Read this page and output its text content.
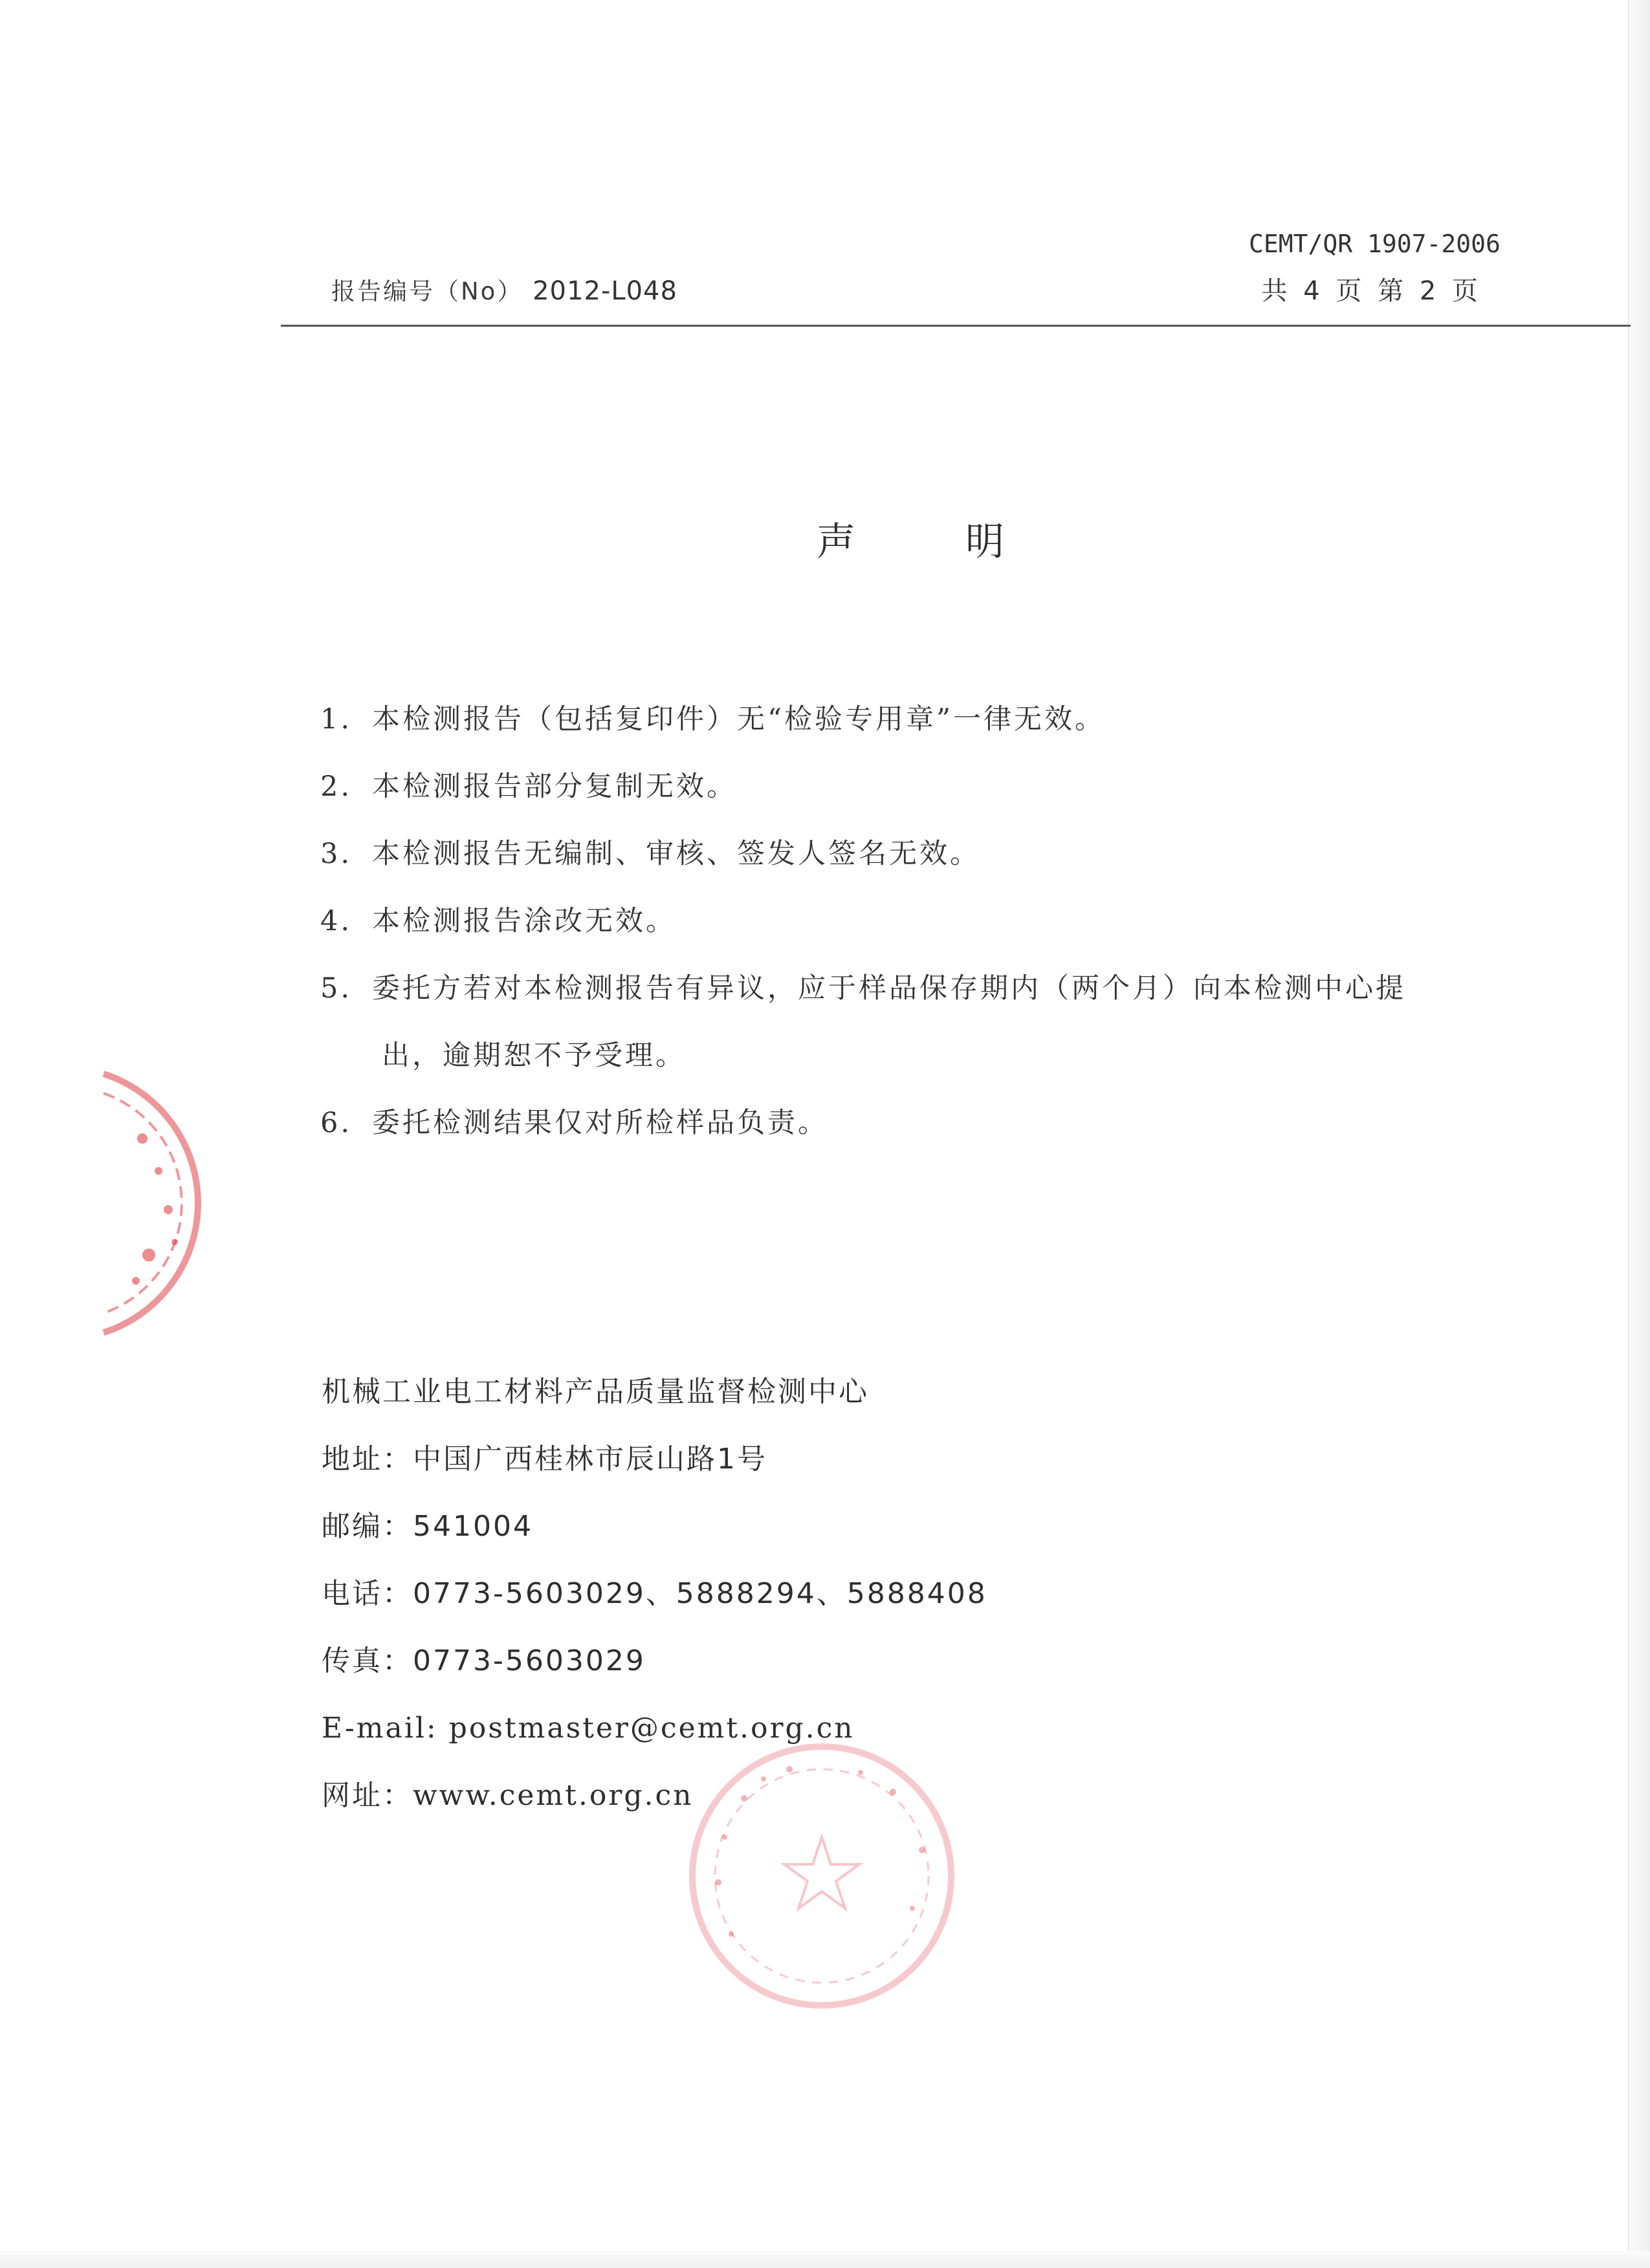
CEMT/QR 1907-2006
共 4 页 第 2 页
报告编号（No） 2012-L048
声明
1. 本检测报告（包括复印件）无“检验专用章”一律无效。
2. 本检测报告部分复制无效。
3. 本检测报告无编制、审核、签发人签名无效。
4. 本检测报告涂改无效。
5. 委托方若对本检测报告有异议，应于样品保存期内（两个月）向本检测中心提
出，逾期恕不予受理。
6. 委托检测结果仅对所检样品负责。
机械工业电工材料产品质量监督检测中心
地址：中国广西桂林市辰山路1号
邮编：541004
电话：0773-5603029、5888294、5888408
传真：0773-5603029
E-mail: postmaster@cemt.org.cn
网址：www.cemt.org.cn
